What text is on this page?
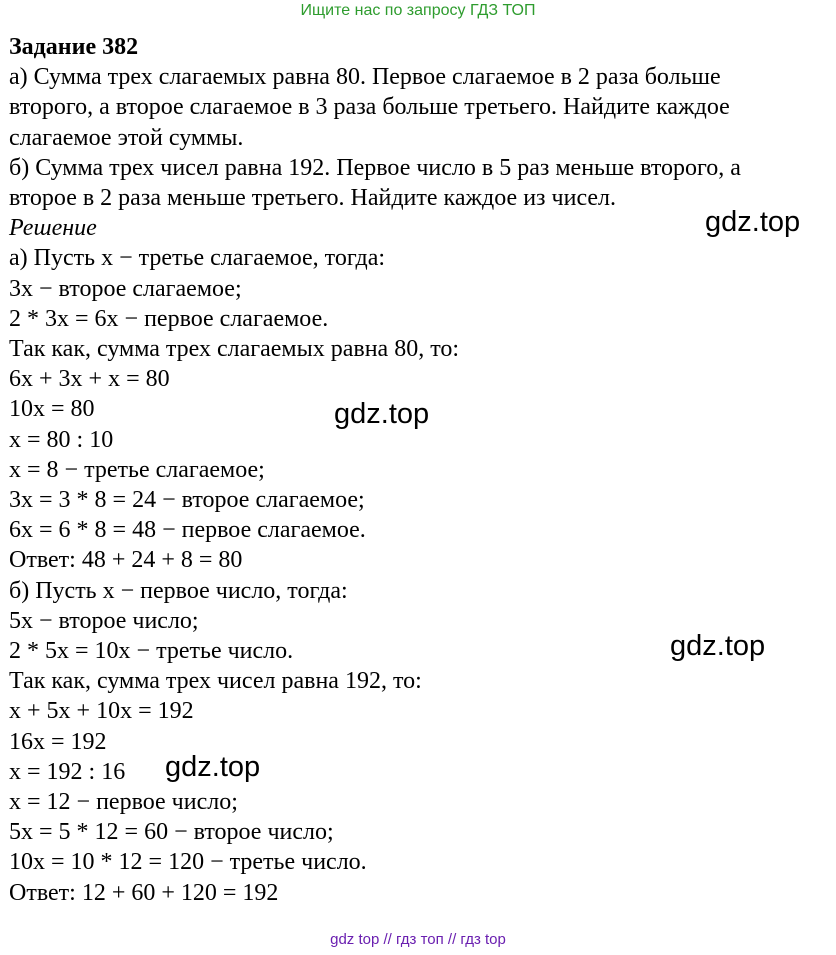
Ищите нас по запросу ГДЗ ТОП
Задание 382
а) Сумма трех слагаемых равна 80. Первое слагаемое в 2 раза больше
второго, а второе слагаемое в 3 раза больше третьего. Найдите каждое
слагаемое этой суммы.
б) Сумма трех чисел равна 192. Первое число в 5 раз меньше второго, а
второе в 2 раза меньше третьего. Найдите каждое из чисел.
Решение
а) Пусть x − третье слагаемое, тогда:
3x − второе слагаемое;
2 * 3x = 6x − первое слагаемое.
Так как, сумма трех слагаемых равна 80, то:
6x + 3x + x = 80
10x = 80
x = 80 : 10
x = 8 − третье слагаемое;
3x = 3 * 8 = 24 − второе слагаемое;
6x = 6 * 8 = 48 − первое слагаемое.
Ответ: 48 + 24 + 8 = 80
б) Пусть x − первое число, тогда:
5x − второе число;
2 * 5x = 10x − третье число.
Так как, сумма трех чисел равна 192, то:
x + 5x + 10x = 192
16x = 192
x = 192 : 16
x = 12 − первое число;
5x = 5 * 12 = 60 − второе число;
10x = 10 * 12 = 120 − третье число.
Ответ: 12 + 60 + 120 = 192
gdz.top
gdz.top
gdz.top
gdz.top
gdz top // гдз топ // гдз top
